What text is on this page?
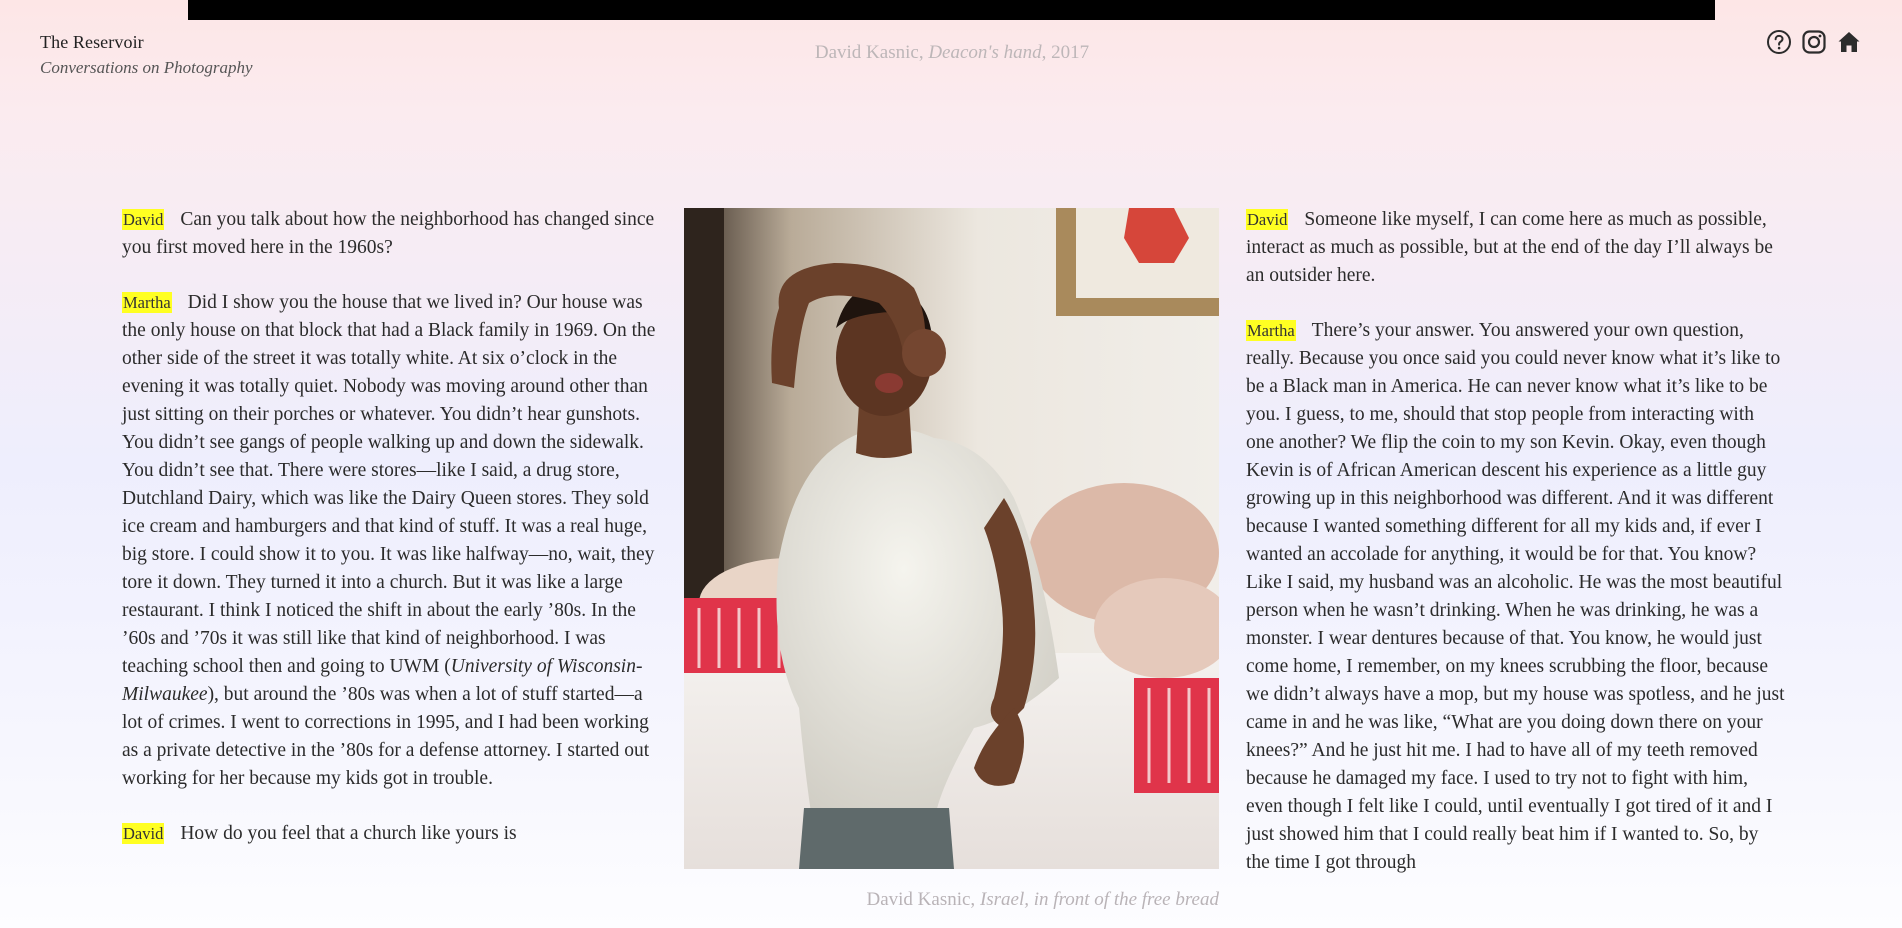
The Reservoir
Conversations on Photography
David Kasnic, Deacon's hand, 2017

David Can you talk about how the neighborhood has changed since you first moved here in the 1960s?

Martha Did I show you the house that we lived in? Our house was the only house on that block that had a Black family in 1969. On the other side of the street it was totally white. At six o’clock in the evening it was totally quiet. Nobody was moving around other than just sitting on their porches or whatever. You didn’t hear gunshots. You didn’t see gangs of people walking up and down the sidewalk. You didn’t see that. There were stores—like I said, a drug store, Dutchland Dairy, which was like the Dairy Queen stores. They sold ice cream and hamburgers and that kind of stuff. It was a real huge, big store. I could show it to you. It was like halfway—no, wait, they tore it down. They turned it into a church. But it was like a large restaurant. I think I noticed the shift in about the early ’80s. In the ’60s and ’70s it was still like that kind of neighborhood. I was teaching school then and going to UWM (University of Wisconsin-Milwaukee), but around the ’80s was when a lot of stuff started—a lot of crimes. I went to corrections in 1995, and I had been working as a private detective in the ’80s for a defense attorney. I started out working for her because my kids got in trouble.

David How do you feel that a church like yours is

David Kasnic, Israel, in front of the free bread

David Someone like myself, I can come here as much as possible, interact as much as possible, but at the end of the day I’ll always be an outsider here.

Martha There’s your answer. You answered your own question, really. Because you once said you could never know what it’s like to be a Black man in America. He can never know what it’s like to be you. I guess, to me, should that stop people from interacting with one another? We flip the coin to my son Kevin. Okay, even though Kevin is of African American descent his experience as a little guy growing up in this neighborhood was different. And it was different because I wanted something different for all my kids and, if ever I wanted an accolade for anything, it would be for that. You know? Like I said, my husband was an alcoholic. He was the most beautiful person when he wasn’t drinking. When he was drinking, he was a monster. I wear dentures because of that. You know, he would just come home, I remember, on my knees scrubbing the floor, because we didn’t always have a mop, but my house was spotless, and he just came in and he was like, “What are you doing down there on your knees?” And he just hit me. I had to have all of my teeth removed because he damaged my face. I used to try not to fight with him, even though I felt like I could, until eventually I got tired of it and I just showed him that I could really beat him if I wanted to. So, by the time I got through
